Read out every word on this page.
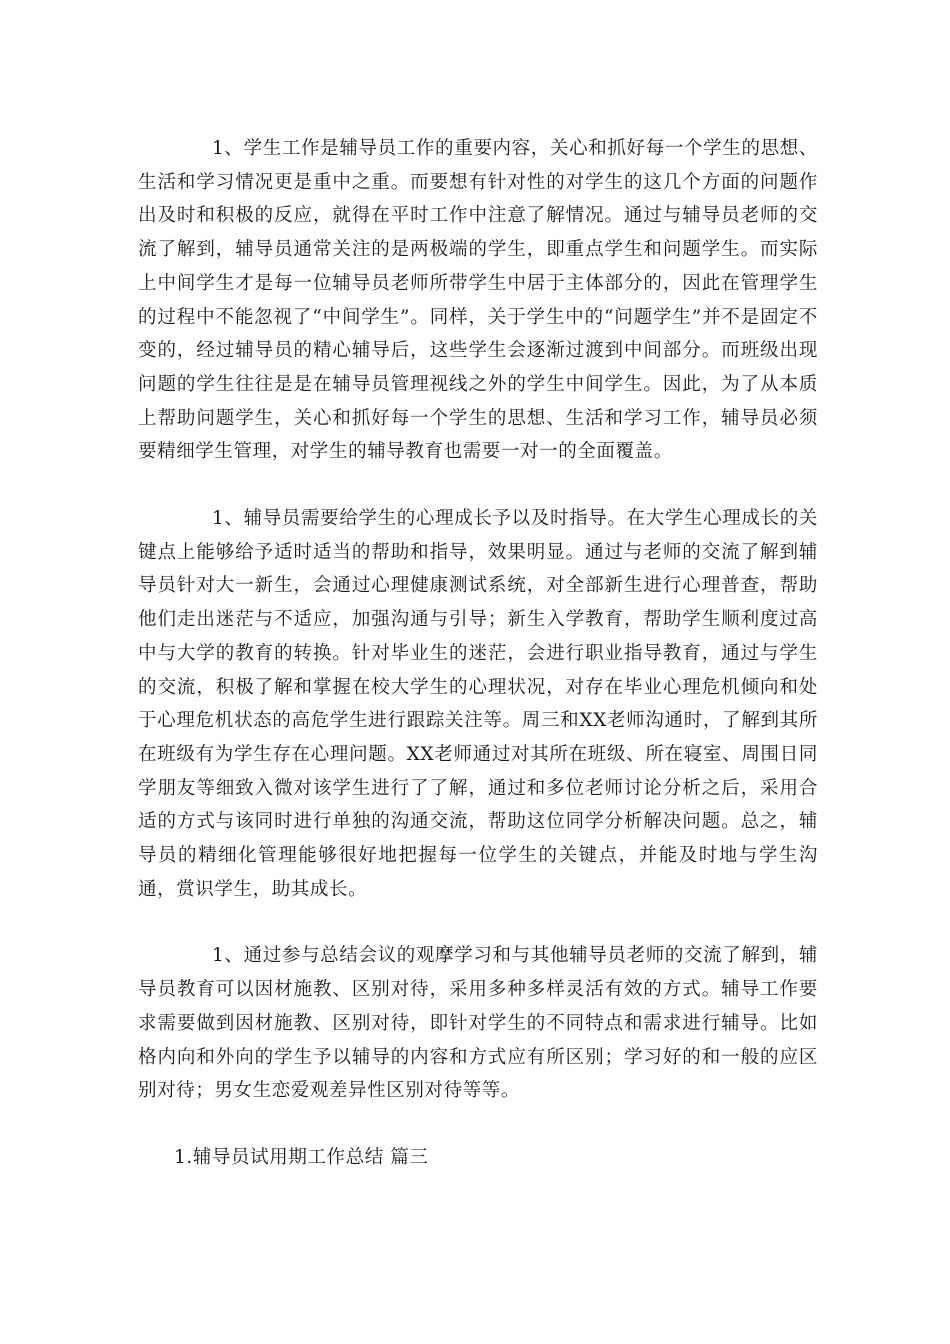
1、学生工作是辅导员工作的重要内容，关心和抓好每一个学生的思想、生活和学习情况更是重中之重。而要想有针对性的对学生的这几个方面的问题作出及时和积极的反应，就得在平时工作中注意了解情况。通过与辅导员老师的交流了解到，辅导员通常关注的是两极端的学生，即重点学生和问题学生。而实际上中间学生才是每一位辅导员老师所带学生中居于主体部分的，因此在管理学生的过程中不能忽视了“中间学生”。同样，关于学生中的“问题学生”并不是固定不变的，经过辅导员的精心辅导后，这些学生会逐渐过渡到中间部分。而班级出现问题的学生往往是是在辅导员管理视线之外的学生中间学生。因此，为了从本质上帮助问题学生，关心和抓好每一个学生的思想、生活和学习工作，辅导员必须要精细学生管理，对学生的辅导教育也需要一对一的全面覆盖。

1、辅导员需要给学生的心理成长予以及时指导。在大学生心理成长的关键点上能够给予适时适当的帮助和指导，效果明显。通过与老师的交流了解到辅导员针对大一新生，会通过心理健康测试系统，对全部新生进行心理普查，帮助他们走出迷茫与不适应，加强沟通与引导；新生入学教育，帮助学生顺利度过高中与大学的教育的转换。针对毕业生的迷茫，会进行职业指导教育，通过与学生的交流，积极了解和掌握在校大学生的心理状况，对存在毕业心理危机倾向和处于心理危机状态的高危学生进行跟踪关注等。周三和XX老师沟通时，了解到其所在班级有为学生存在心理问题。XX老师通过对其所在班级、所在寝室、周围日同学朋友等细致入微对该学生进行了了解，通过和多位老师讨论分析之后，采用合适的方式与该同时进行单独的沟通交流，帮助这位同学分析解决问题。总之，辅导员的精细化管理能够很好地把握每一位学生的关键点，并能及时地与学生沟通，赏识学生，助其成长。

1、通过参与总结会议的观摩学习和与其他辅导员老师的交流了解到，辅导员教育可以因材施教、区别对待，采用多种多样灵活有效的方式。辅导工作要求需要做到因材施教、区别对待，即针对学生的不同特点和需求进行辅导。比如格内向和外向的学生予以辅导的内容和方式应有所区别；学习好的和一般的应区别对待；男女生恋爱观差异性区别对待等等。

1.辅导员试用期工作总结 篇三
